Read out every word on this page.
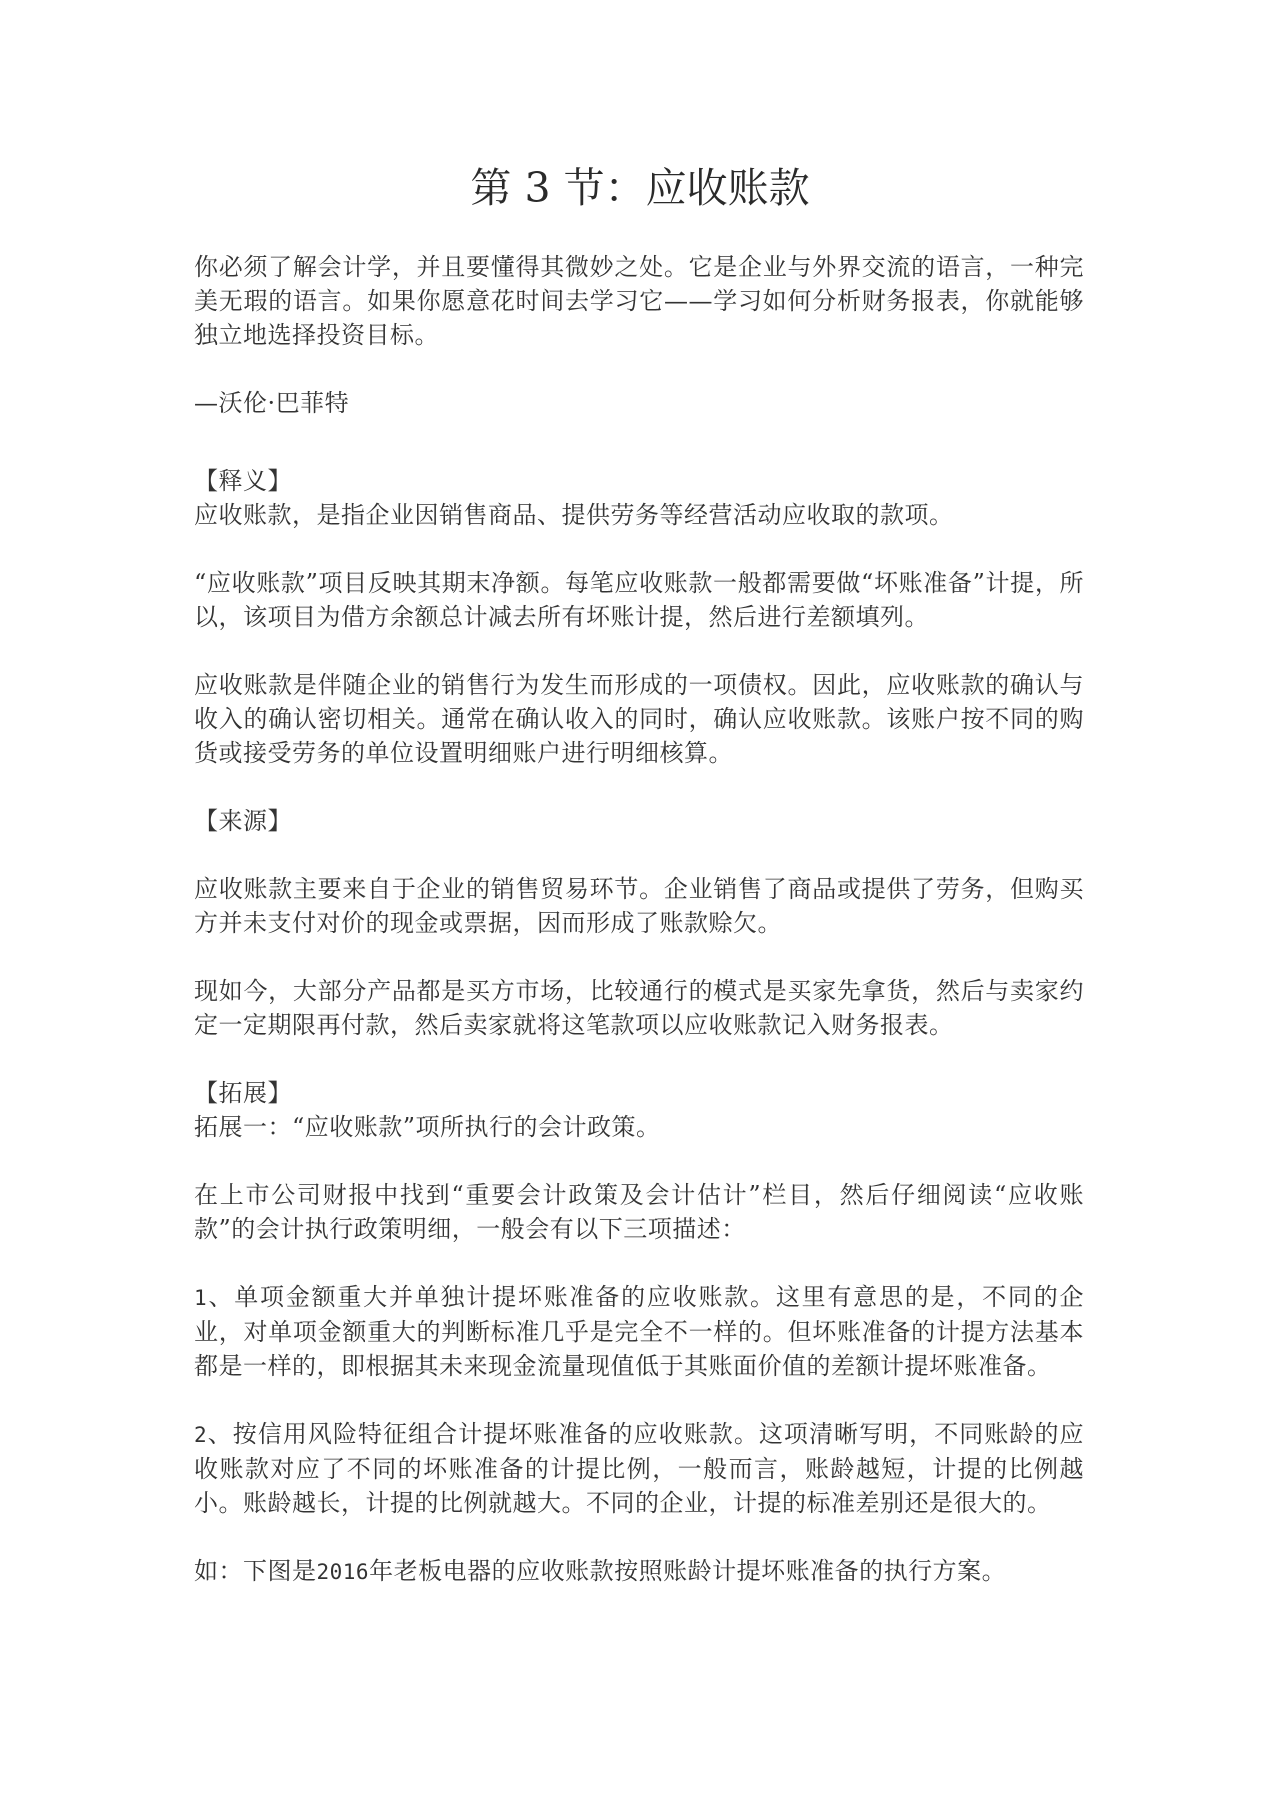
第 3 节：应收账款

你必须了解会计学，并且要懂得其微妙之处。它是企业与外界交流的语言，一种完美无瑕的语言。如果你愿意花时间去学习它——学习如何分析财务报表，你就能够独立地选择投资目标。

—沃伦·巴菲特

【释义】

应收账款，是指企业因销售商品、提供劳务等经营活动应收取的款项。

“应收账款”项目反映其期末净额。每笔应收账款一般都需要做“坏账准备”计提，所以，该项目为借方余额总计减去所有坏账计提，然后进行差额填列。

应收账款是伴随企业的销售行为发生而形成的一项债权。因此，应收账款的确认与收入的确认密切相关。通常在确认收入的同时，确认应收账款。该账户按不同的购货或接受劳务的单位设置明细账户进行明细核算。

【来源】

应收账款主要来自于企业的销售贸易环节。企业销售了商品或提供了劳务，但购买方并未支付对价的现金或票据，因而形成了账款赊欠。

现如今，大部分产品都是买方市场，比较通行的模式是买家先拿货，然后与卖家约定一定期限再付款，然后卖家就将这笔款项以应收账款记入财务报表。

【拓展】

拓展一：“应收账款”项所执行的会计政策。

在上市公司财报中找到“重要会计政策及会计估计”栏目，然后仔细阅读“应收账款”的会计执行政策明细，一般会有以下三项描述：

1、单项金额重大并单独计提坏账准备的应收账款。这里有意思的是，不同的企业，对单项金额重大的判断标准几乎是完全不一样的。但坏账准备的计提方法基本都是一样的，即根据其未来现金流量现值低于其账面价值的差额计提坏账准备。

2、按信用风险特征组合计提坏账准备的应收账款。这项清晰写明，不同账龄的应收账款对应了不同的坏账准备的计提比例，一般而言，账龄越短，计提的比例越小。账龄越长，计提的比例就越大。不同的企业，计提的标准差别还是很大的。

如：下图是2016年老板电器的应收账款按照账龄计提坏账准备的执行方案。
